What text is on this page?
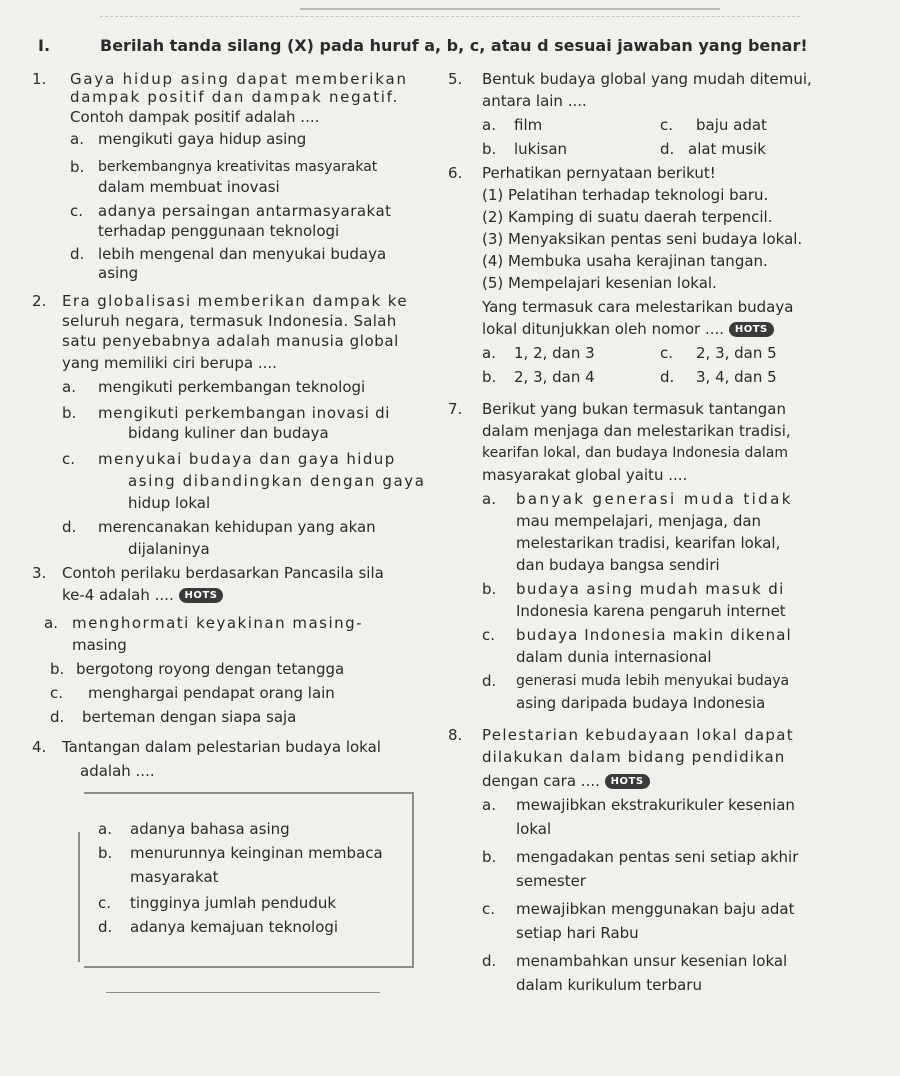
I.	Berilah tanda silang (X) pada huruf a, b, c, atau d sesuai jawaban yang benar!
1. Gaya hidup asing dapat memberikan
dampak positif dan dampak negatif.
Contoh dampak positif adalah ....
a. mengikuti gaya hidup asing
b. berkembangnya kreativitas masyarakat
dalam membuat inovasi
c. adanya persaingan antarmasyarakat
terhadap penggunaan teknologi
d. lebih mengenal dan menyukai budaya
asing
2. Era globalisasi memberikan dampak ke
seluruh negara, termasuk Indonesia. Salah
satu penyebabnya adalah manusia global
yang memiliki ciri berupa ....
a. mengikuti perkembangan teknologi
b. mengikuti perkembangan inovasi di
bidang kuliner dan budaya
c. menyukai budaya dan gaya hidup
asing dibandingkan dengan gaya
hidup lokal
d. merencanakan kehidupan yang akan
dijalaninya
3. Contoh perilaku berdasarkan Pancasila sila
ke-4 adalah .... HOTS
a. menghormati keyakinan masing-
masing
b. bergotong royong dengan tetangga
c. menghargai pendapat orang lain
d. berteman dengan siapa saja
4. Tantangan dalam pelestarian budaya lokal
adalah ....
a. adanya bahasa asing
b. menurunnya keinginan membaca
masyarakat
c. tingginya jumlah penduduk
d. adanya kemajuan teknologi
5. Bentuk budaya global yang mudah ditemui,
antara lain ....
a. film
b. lukisan
c. baju adat
d. alat musik
6. Perhatikan pernyataan berikut!
(1) Pelatihan terhadap teknologi baru.
(2) Kamping di suatu daerah terpencil.
(3) Menyaksikan pentas seni budaya lokal.
(4) Membuka usaha kerajinan tangan.
(5) Mempelajari kesenian lokal.
Yang termasuk cara melestarikan budaya
lokal ditunjukkan oleh nomor .... HOTS
a. 1, 2, dan 3
b. 2, 3, dan 4
c. 2, 3, dan 5
d. 3, 4, dan 5
7. Berikut yang bukan termasuk tantangan
dalam menjaga dan melestarikan tradisi,
kearifan lokal, dan budaya Indonesia dalam
masyarakat global yaitu ....
a. banyak generasi muda tidak
mau mempelajari, menjaga, dan
melestarikan tradisi, kearifan lokal,
dan budaya bangsa sendiri
b. budaya asing mudah masuk di
Indonesia karena pengaruh internet
c. budaya Indonesia makin dikenal
dalam dunia internasional
d. generasi muda lebih menyukai budaya
asing daripada budaya Indonesia
8. Pelestarian kebudayaan lokal dapat
dilakukan dalam bidang pendidikan
dengan cara .... HOTS
a. mewajibkan ekstrakurikuler kesenian
lokal
b. mengadakan pentas seni setiap akhir
semester
c. mewajibkan menggunakan baju adat
setiap hari Rabu
d. menambahkan unsur kesenian lokal
dalam kurikulum terbaru
